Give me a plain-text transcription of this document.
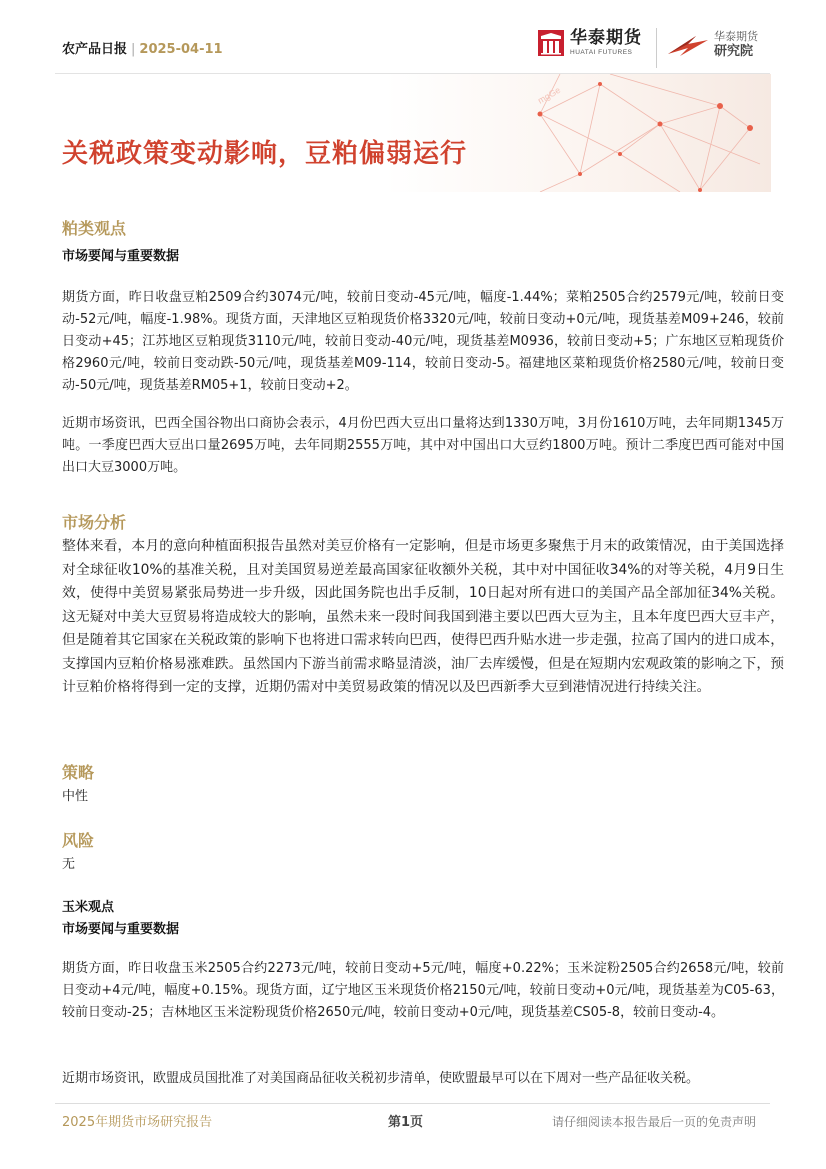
农产品日报 | 2025-04-11
华泰期货
HUATAI FUTURES
华泰期货
研究院
mgGe
关税政策变动影响，豆粕偏弱运行
粕类观点
市场要闻与重要数据

期货方面，昨日收盘豆粕2509合约3074元/吨，较前日变动-45元/吨，幅度-1.44%；菜粕2505合约2579元/吨，较前日变动-52元/吨，幅度-1.98%。现货方面，天津地区豆粕现货价格3320元/吨，较前日变动+0元/吨，现货基差M09+246，较前日变动+45；江苏地区豆粕现货3110元/吨，较前日变动-40元/吨，现货基差M0936，较前日变动+5；广东地区豆粕现货价格2960元/吨，较前日变动跌-50元/吨，现货基差M09-114，较前日变动-5。福建地区菜粕现货价格2580元/吨，较前日变动-50元/吨，现货基差RM05+1，较前日变动+2。

近期市场资讯，巴西全国谷物出口商协会表示，4月份巴西大豆出口量将达到1330万吨，3月份1610万吨，去年同期1345万吨。一季度巴西大豆出口量2695万吨，去年同期2555万吨，其中对中国出口大豆约1800万吨。预计二季度巴西可能对中国出口大豆3000万吨。

市场分析

整体来看，本月的意向种植面积报告虽然对美豆价格有一定影响，但是市场更多聚焦于月末的政策情况，由于美国选择对全球征收10%的基准关税，且对美国贸易逆差最高国家征收额外关税，其中对中国征收34%的对等关税，4月9日生效，使得中美贸易紧张局势进一步升级，因此国务院也出手反制，10日起对所有进口的美国产品全部加征34%关税。这无疑对中美大豆贸易将造成较大的影响，虽然未来一段时间我国到港主要以巴西大豆为主，且本年度巴西大豆丰产，但是随着其它国家在关税政策的影响下也将进口需求转向巴西，使得巴西升贴水进一步走强，拉高了国内的进口成本，支撑国内豆粕价格易涨难跌。虽然国内下游当前需求略显清淡，油厂去库缓慢，但是在短期内宏观政策的影响之下，预计豆粕价格将得到一定的支撑，近期仍需对中美贸易政策的情况以及巴西新季大豆到港情况进行持续关注。

策略
中性
风险
无
玉米观点
市场要闻与重要数据

期货方面，昨日收盘玉米2505合约2273元/吨，较前日变动+5元/吨，幅度+0.22%；玉米淀粉2505合约2658元/吨，较前日变动+4元/吨，幅度+0.15%。现货方面，辽宁地区玉米现货价格2150元/吨，较前日变动+0元/吨，现货基差为C05-63，较前日变动-25；吉林地区玉米淀粉现货价格2650元/吨，较前日变动+0元/吨，现货基差CS05-8，较前日变动-4。

近期市场资讯，欧盟成员国批准了对美国商品征收关税初步清单，使欧盟最早可以在下周对一些产品征收关税。

2025年期货市场研究报告	第1页	请仔细阅读本报告最后一页的免责声明
